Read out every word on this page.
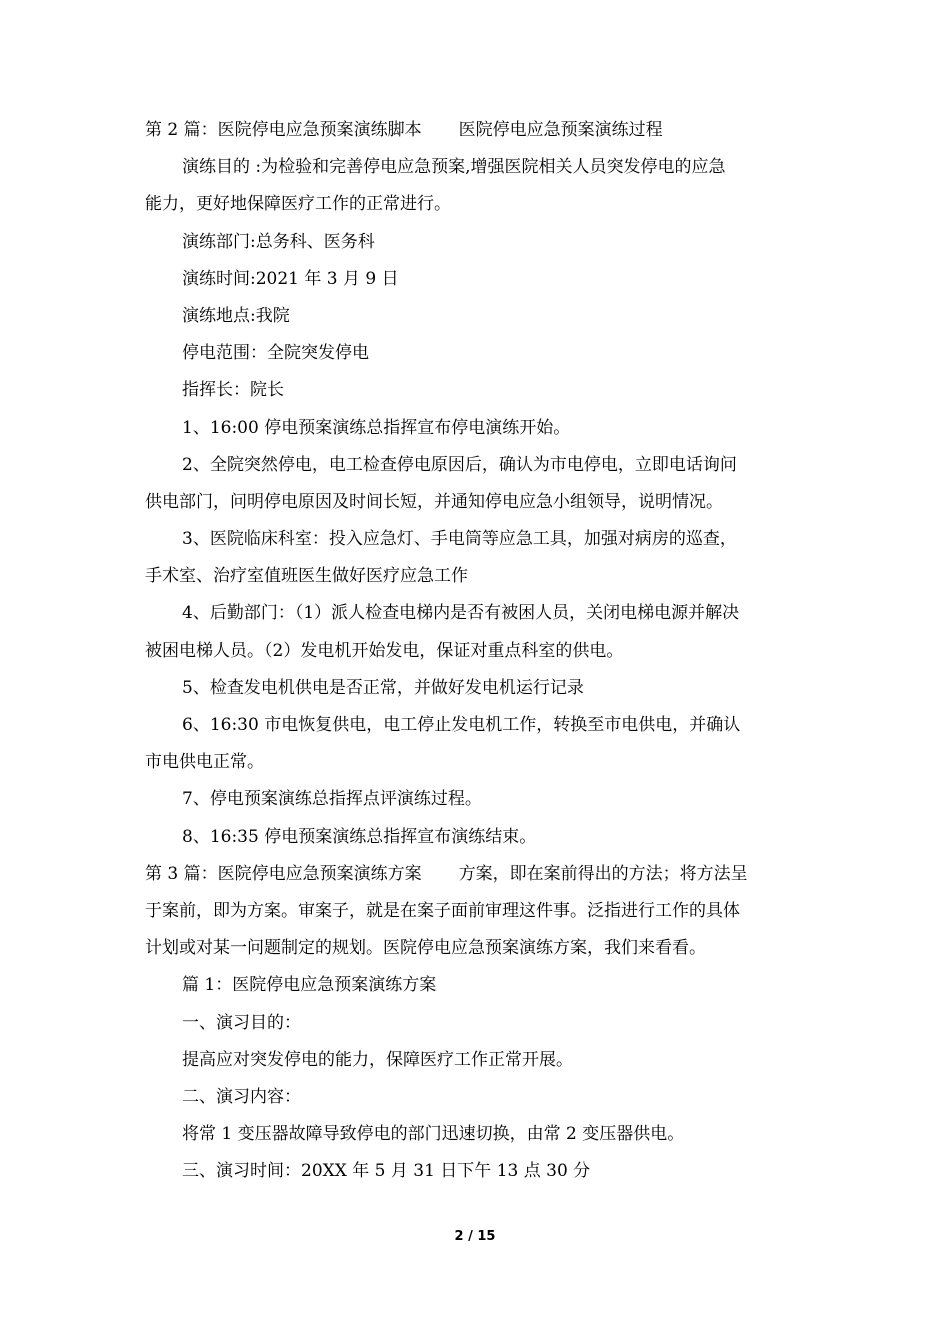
第 2 篇：医院停电应急预案演练脚本 医院停电应急预案演练过程
演练目的 :为检验和完善停电应急预案,增强医院相关人员突发停电的应急
能力，更好地保障医疗工作的正常进行。
演练部门:总务科、医务科
演练时间:2021 年 3 月 9 日
演练地点:我院
停电范围：全院突发停电
指挥长：院长
1、16:00 停电预案演练总指挥宣布停电演练开始。
2、全院突然停电，电工检查停电原因后，确认为市电停电，立即电话询问
供电部门，问明停电原因及时间长短，并通知停电应急小组领导，说明情况。
3、医院临床科室：投入应急灯、手电筒等应急工具，加强对病房的巡查，
手术室、治疗室值班医生做好医疗应急工作
4、后勤部门：（1）派人检查电梯内是否有被困人员，关闭电梯电源并解决
被困电梯人员。（2）发电机开始发电，保证对重点科室的供电。
5、检查发电机供电是否正常，并做好发电机运行记录
6、16:30 市电恢复供电，电工停止发电机工作，转换至市电供电，并确认
市电供电正常。
7、停电预案演练总指挥点评演练过程。
8、16:35 停电预案演练总指挥宣布演练结束。
第 3 篇：医院停电应急预案演练方案 方案，即在案前得出的方法；将方法呈
于案前，即为方案。审案子，就是在案子面前审理这件事。泛指进行工作的具体
计划或对某一问题制定的规划。医院停电应急预案演练方案，我们来看看。
篇 1：医院停电应急预案演练方案
一、演习目的：
提高应对突发停电的能力，保障医疗工作正常开展。
二、演习内容：
将常 1 变压器故障导致停电的部门迅速切换，由常 2 变压器供电。
三、演习时间：20XX 年 5 月 31 日下午 13 点 30 分
2 / 15
